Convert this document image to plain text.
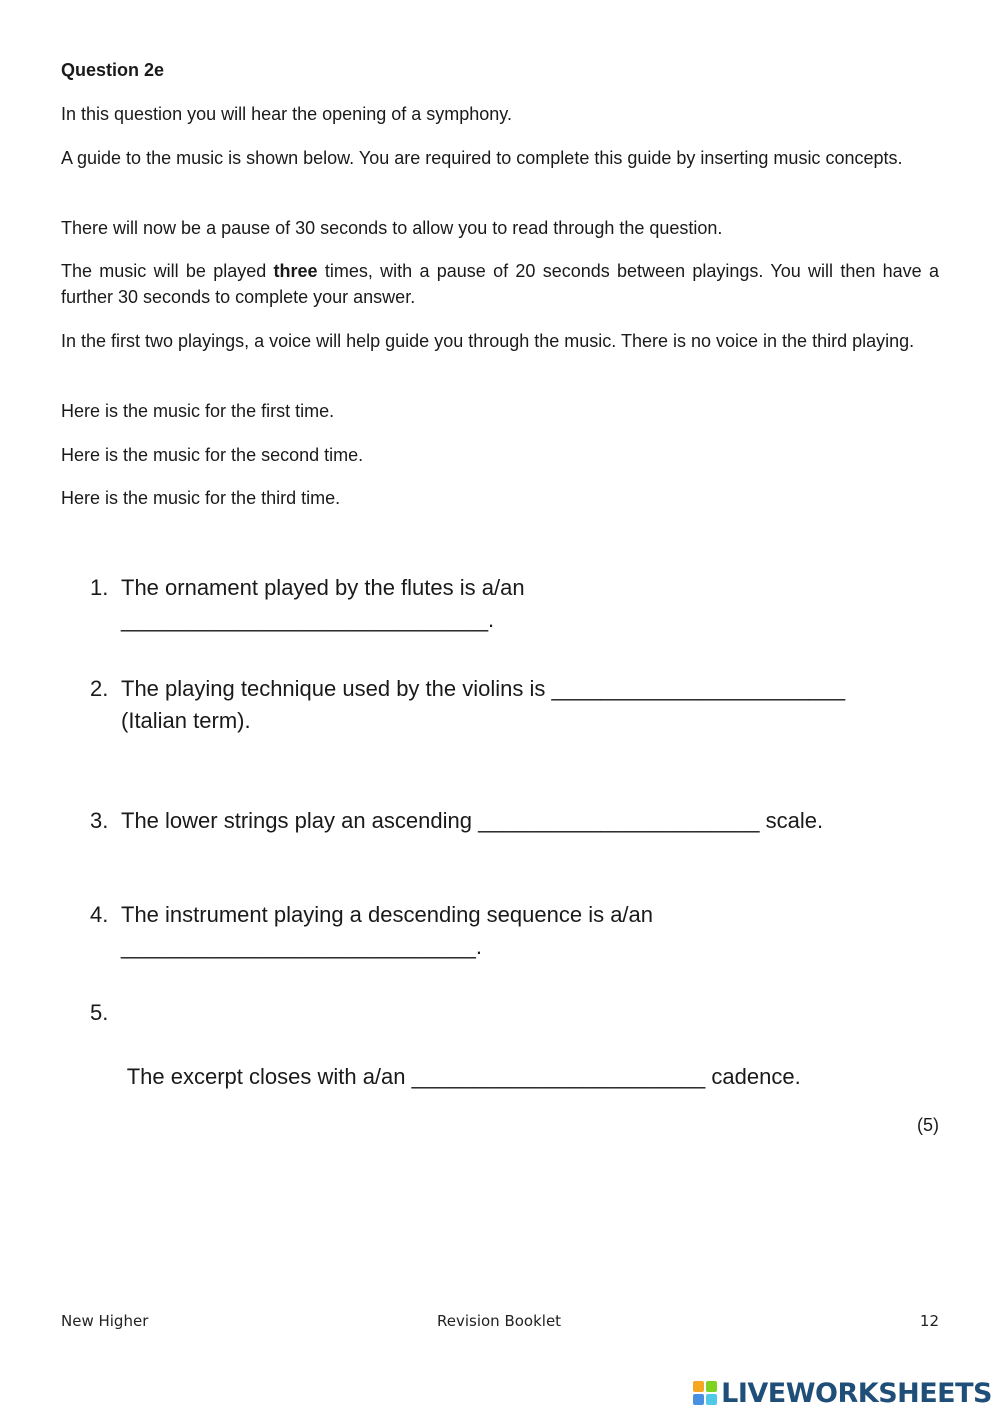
Question 2e
In this question you will hear the opening of a symphony.
A guide to the music is shown below. You are required to complete this guide by inserting music concepts.
There will now be a pause of 30 seconds to allow you to read through the question.
The music will be played three times, with a pause of 20 seconds between playings. You will then have a further 30 seconds to complete your answer.
In the first two playings, a voice will help guide you through the music. There is no voice in the third playing.
Here is the music for the first time.
Here is the music for the second time.
Here is the music for the third time.
1. The ornament played by the flutes is a/an
______________________________.
2. The playing technique used by the violins is ________________________
(Italian term).
3. The lower strings play an ascending _______________________ scale.
4. The instrument playing a descending sequence is a/an
_____________________________.
5.

The excerpt closes with a/an ________________________ cadence.

(5)
New Higher	Revision Booklet	12
LIVEWORKSHEETS
